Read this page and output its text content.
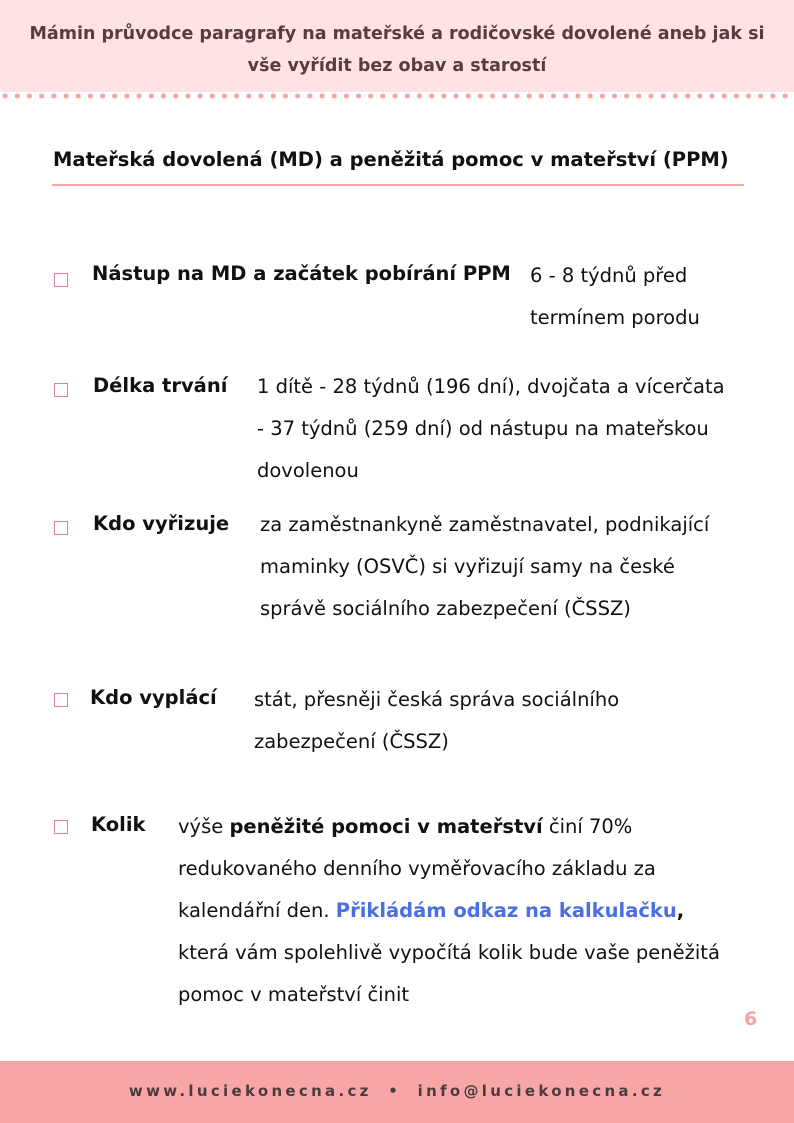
Mámin průvodce paragrafy na mateřské a rodičovské dovolené aneb jak si vše vyřídit bez obav a starostí
Mateřská dovolená (MD) a peněžitá pomoc v mateřství (PPM)
Nástup na MD a začátek pobírání PPM 6 - 8 týdnů před termínem porodu
Délka trvání 1 dítě - 28 týdnů (196 dní), dvojčata a vícerčata - 37 týdnů (259 dní) od nástupu na mateřskou dovolenou
Kdo vyřizuje za zaměstnankyně zaměstnavatel, podnikající maminky (OSVČ) si vyřizují samy na české správě sociálního zabezpečení (ČSSZ)
Kdo vyplácí stát, přesněji česká správa sociálního zabezpečení (ČSSZ)
Kolik výše peněžité pomoci v mateřství činí 70% redukovaného denního vyměřovacího základu za kalendářní den. Přikládám odkaz na kalkulačku, která vám spolehlivě vypočítá kolik bude vaše peněžitá pomoc v mateřství činit
6
www.luciekonecna.cz • info@luciekonecna.cz
